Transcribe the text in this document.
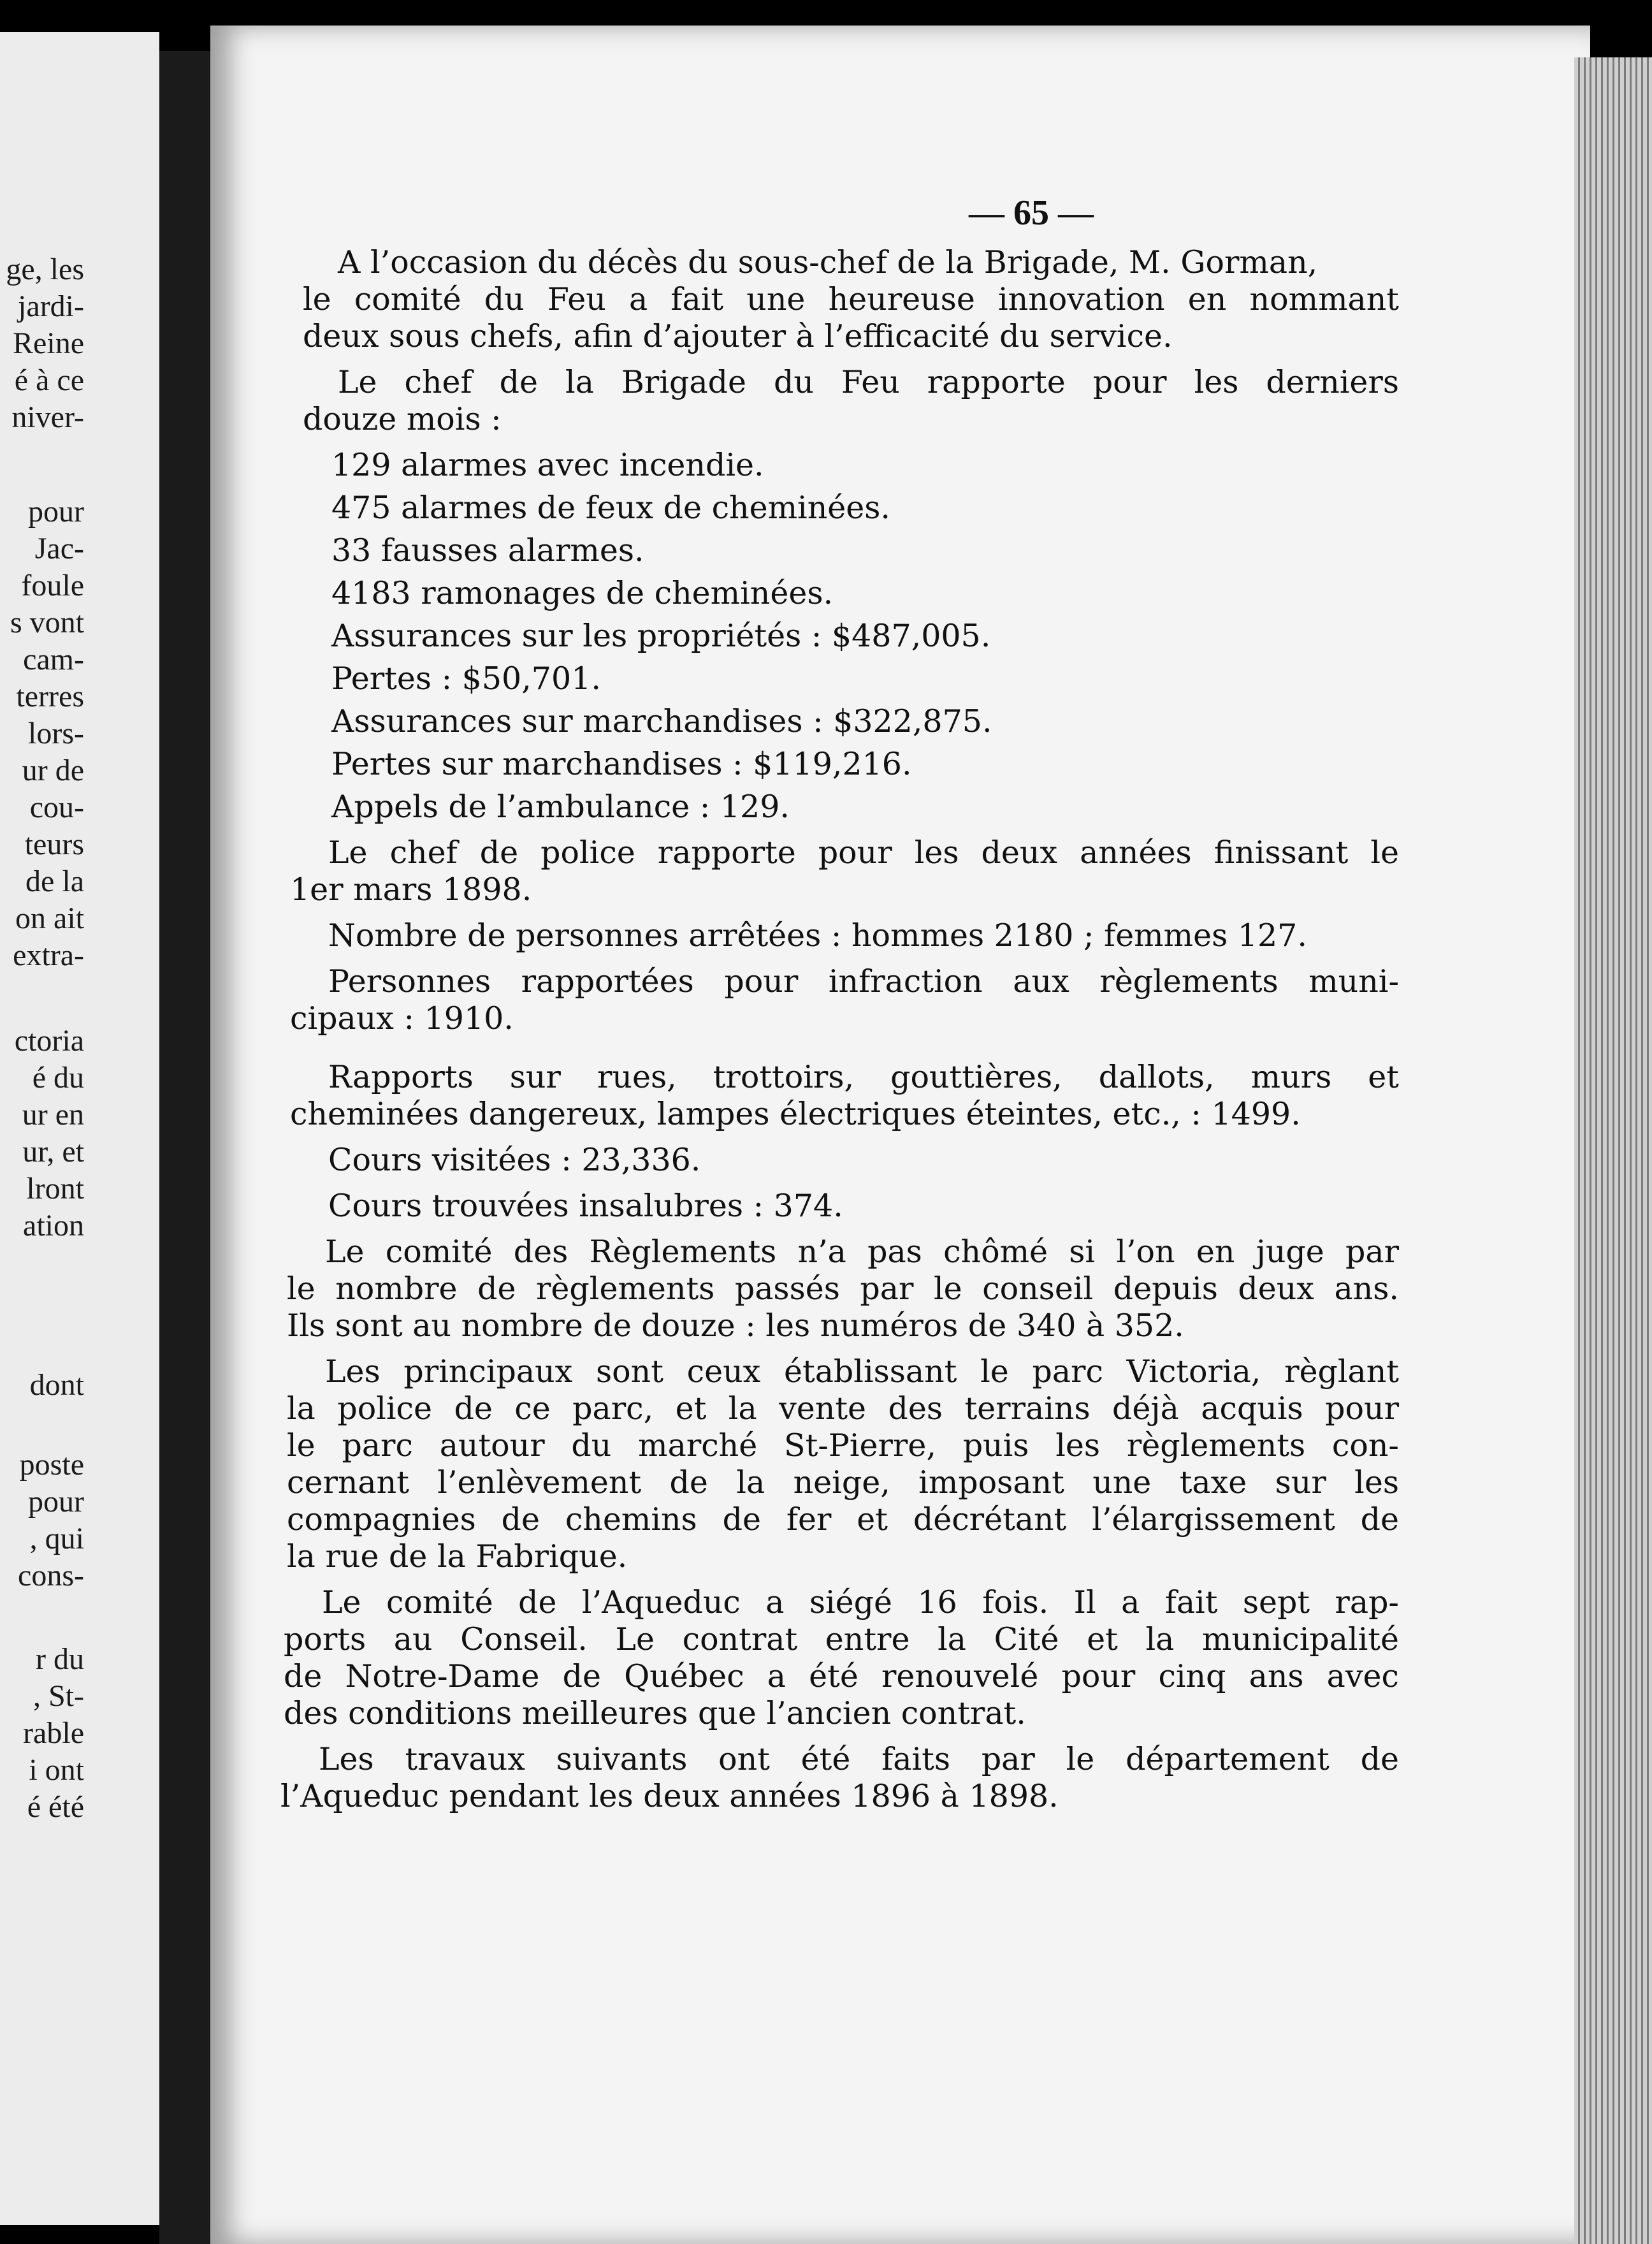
ge, les
jardi-
Reine
é à ce
niver-
pour
Jac-
foule
s vont
cam-
terres
lors-
ur de
cou-
teurs
de la
on ait
extra-
ctoria
é du
ur en
ur, et
lront
ation
dont
poste
pour
, qui
cons-
r du
, St-
rable
i ont
é été
— 65 —
A l’occasion du décès du sous-chef de la Brigade, M. Gorman,
le comité du Feu a fait une heureuse innovation en nommant
deux sous chefs, afin d’ajouter à l’efficacité du service.
Le chef de la Brigade du Feu rapporte pour les derniers
douze mois :
129 alarmes avec incendie.
475 alarmes de feux de cheminées.
33 fausses alarmes.
4183 ramonages de cheminées.
Assurances sur les propriétés : $487,005.
Pertes : $50,701.
Assurances sur marchandises : $322,875.
Pertes sur marchandises : $119,216.
Appels de l’ambulance : 129.
Le chef de police rapporte pour les deux années finissant le
1er mars 1898.
Nombre de personnes arrêtées : hommes 2180 ; femmes 127.
Personnes rapportées pour infraction aux règlements muni-
cipaux : 1910.
Rapports sur rues, trottoirs, gouttières, dallots, murs et
cheminées dangereux, lampes électriques éteintes, etc., : 1499.
Cours visitées : 23,336.
Cours trouvées insalubres : 374.
Le comité des Règlements n’a pas chômé si l’on en juge par
le nombre de règlements passés par le conseil depuis deux ans.
Ils sont au nombre de douze : les numéros de 340 à 352.
Les principaux sont ceux établissant le parc Victoria, règlant
la police de ce parc, et la vente des terrains déjà acquis pour
le parc autour du marché St-Pierre, puis les règlements con-
cernant l’enlèvement de la neige, imposant une taxe sur les
compagnies de chemins de fer et décrétant l’élargissement de
la rue de la Fabrique.
Le comité de l’Aqueduc a siégé 16 fois. Il a fait sept rap-
ports au Conseil. Le contrat entre la Cité et la municipalité
de Notre-Dame de Québec a été renouvelé pour cinq ans avec
des conditions meilleures que l’ancien contrat.
Les travaux suivants ont été faits par le département de
l’Aqueduc pendant les deux années 1896 à 1898.
